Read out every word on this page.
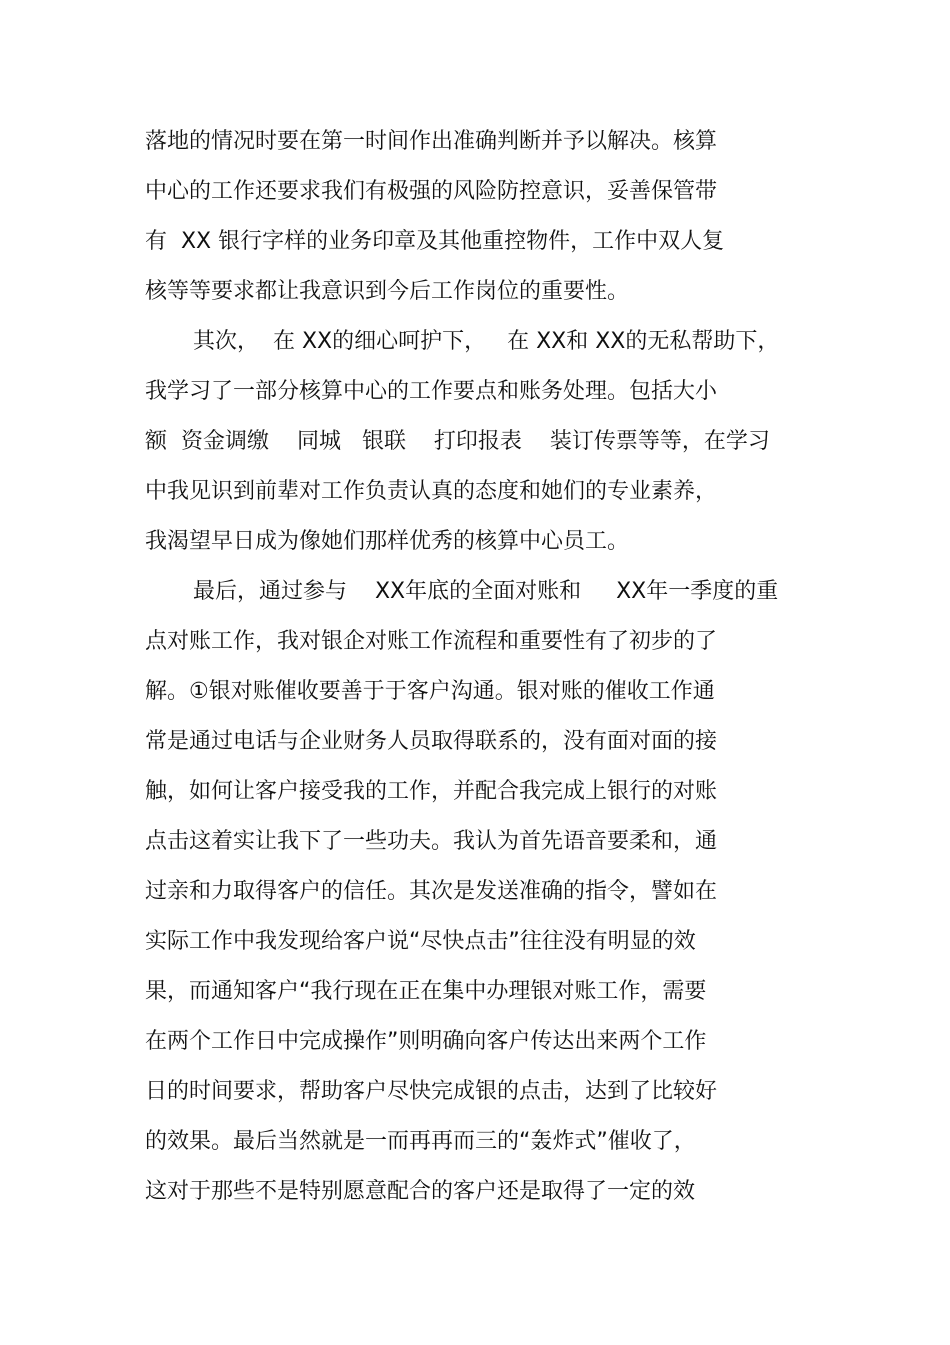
落地的情况时要在第一时间作出准确判断并予以解决。核算
中心的工作还要求我们有极强的风险防控意识，妥善保管带
有  XX 银行字样的业务印章及其他重控物件，工作中双人复
核等等要求都让我意识到今后工作岗位的重要性。
其次，  在 XX的细心呵护下，   在 XX和 XX的无私帮助下，
我学习了一部分核算中心的工作要点和账务处理。包括大小
额  资金调缴    同城   银联    打印报表    装订传票等等，在学习
中我见识到前辈对工作负责认真的态度和她们的专业素养，
我渴望早日成为像她们那样优秀的核算中心员工。
最后，通过参与    XX年底的全面对账和     XX年一季度的重
点对账工作，我对银企对账工作流程和重要性有了初步的了
解。①银对账催收要善于于客户沟通。银对账的催收工作通
常是通过电话与企业财务人员取得联系的，没有面对面的接
触，如何让客户接受我的工作，并配合我完成上银行的对账
点击这着实让我下了一些功夫。我认为首先语音要柔和，通
过亲和力取得客户的信任。其次是发送准确的指令，譬如在
实际工作中我发现给客户说“尽快点击”往往没有明显的效
果，而通知客户“我行现在正在集中办理银对账工作，需要
在两个工作日中完成操作”则明确向客户传达出来两个工作
日的时间要求，帮助客户尽快完成银的点击，达到了比较好
的效果。最后当然就是一而再再而三的“轰炸式”催收了，
这对于那些不是特别愿意配合的客户还是取得了一定的效
